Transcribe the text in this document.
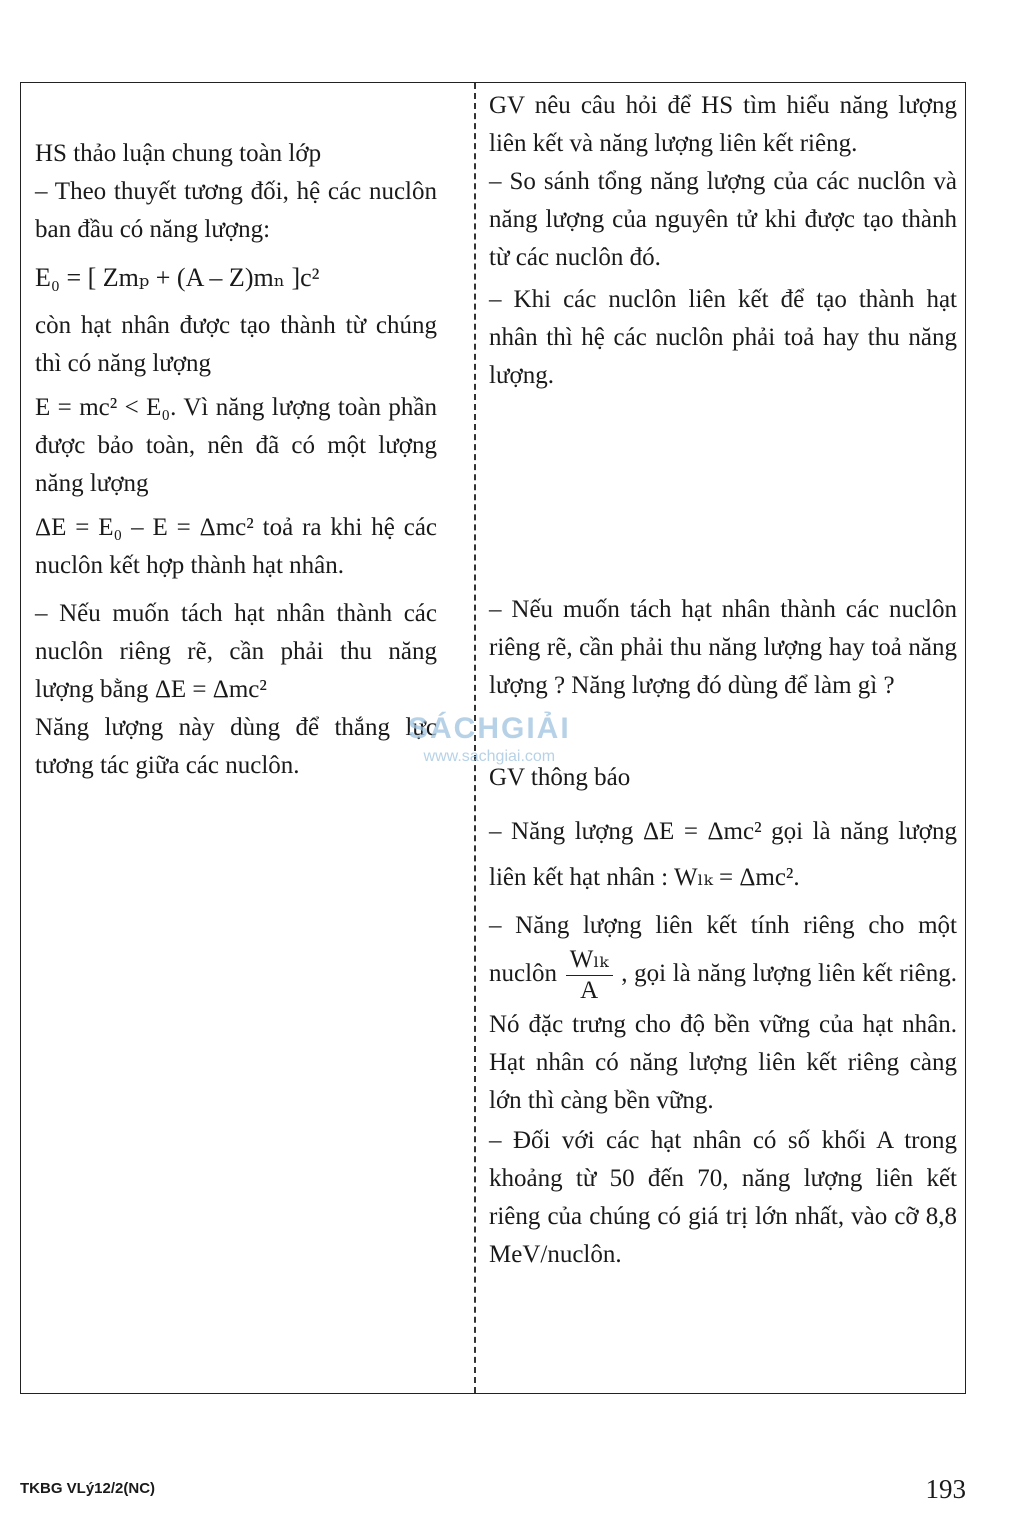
HS thảo luận chung toàn lớp

– Theo thuyết tương đối, hệ các nuclôn ban đầu có năng lượng:

E₀ = [ Zmₚ + (A – Z)mₙ ]c²

còn hạt nhân được tạo thành từ chúng thì có năng lượng

E = mc² < E₀. Vì năng lượng toàn phần được bảo toàn, nên đã có một lượng năng lượng

ΔE = E₀ – E = Δmc² toả ra khi hệ các nuclôn kết hợp thành hạt nhân.

– Nếu muốn tách hạt nhân thành các nuclôn riêng rẽ, cần phải thu năng lượng bằng ΔE = Δmc²

Năng lượng này dùng để thắng lực tương tác giữa các nuclôn.

GV nêu câu hỏi để HS tìm hiểu năng lượng liên kết và năng lượng liên kết riêng.

– So sánh tổng năng lượng của các nuclôn và năng lượng của nguyên tử khi được tạo thành từ các nuclôn đó.

– Khi các nuclôn liên kết để tạo thành hạt nhân thì hệ các nuclôn phải toả hay thu năng lượng.

– Nếu muốn tách hạt nhân thành các nuclôn riêng rẽ, cần phải thu năng lượng hay toả năng lượng ? Năng lượng đó dùng để làm gì ?

GV thông báo

– Năng lượng ΔE = Δmc² gọi là năng lượng liên kết hạt nhân : Wₗₖ = Δmc².

– Năng lượng liên kết tính riêng cho một nuclôn $\frac{\text{Wₗₖ}}{A}$ , gọi là năng lượng liên kết riêng. Nó đặc trưng cho độ bền vững của hạt nhân. Hạt nhân có năng lượng liên kết riêng càng lớn thì càng bền vững.

– Đối với các hạt nhân có số khối A trong khoảng từ 50 đến 70, năng lượng liên kết riêng của chúng có giá trị lớn nhất, vào cỡ 8,8 MeV/nuclôn.

SÁCHGIẢI
www.sachgiai.com
TKBG VLý12/2(NC)	193
